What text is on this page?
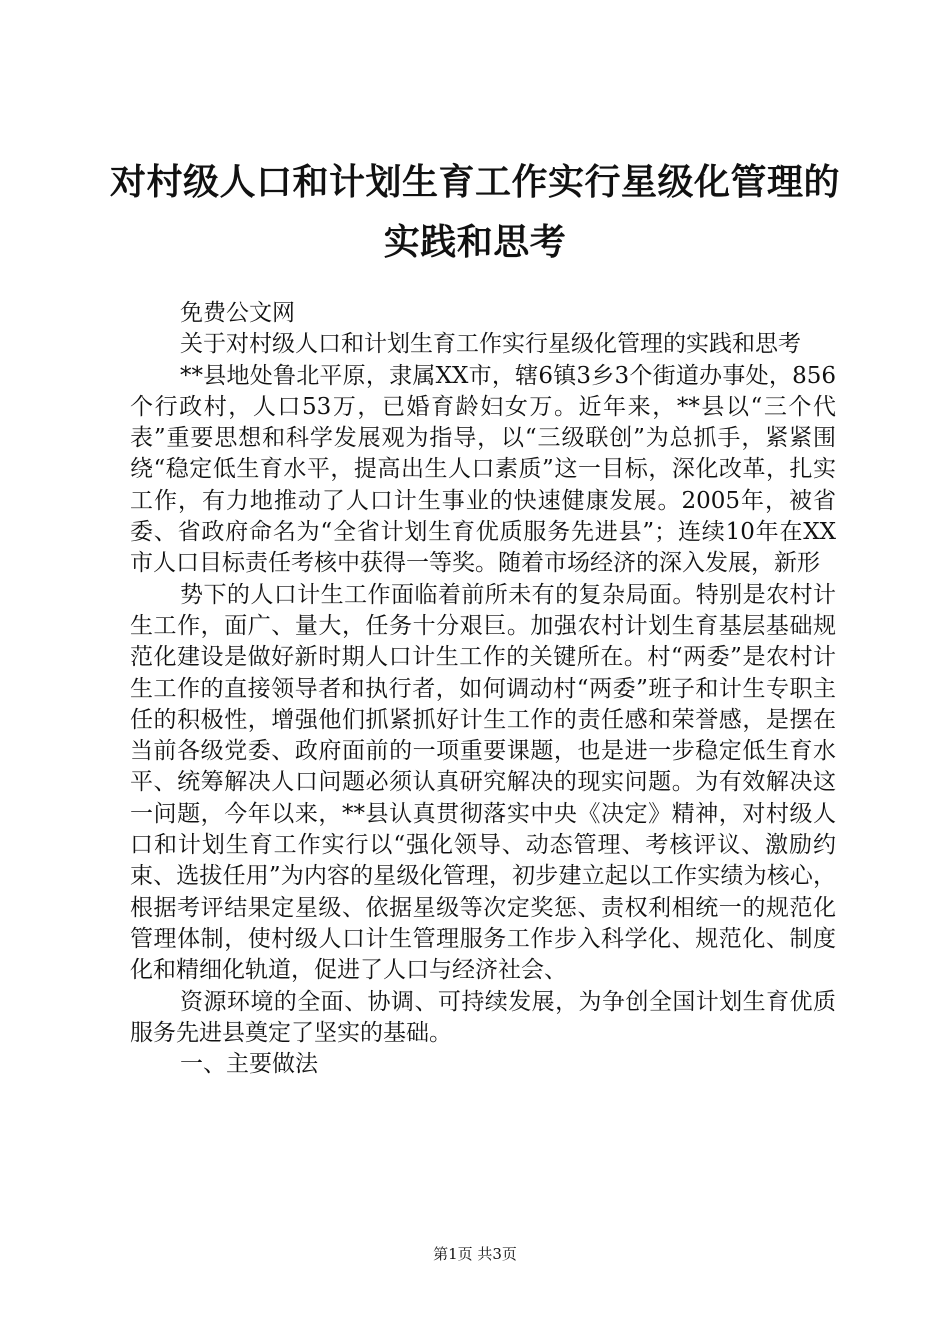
对村级人口和计划生育工作实行星级化管理的
实践和思考

免费公文网

关于对村级人口和计划生育工作实行星级化管理的实践和思考

**县地处鲁北平原，隶属XX市，辖6镇3乡3个街道办事处，856个行政村，人口53万，已婚育龄妇女万。近年来，**县以“三个代表”重要思想和科学发展观为指导，以“三级联创”为总抓手，紧紧围绕“稳定低生育水平，提高出生人口素质”这一目标，深化改革，扎实工作，有力地推动了人口计生事业的快速健康发展。2005年，被省委、省政府命名为“全省计划生育优质服务先进县”；连续10年在XX市人口目标责任考核中获得一等奖。随着市场经济的深入发展，新形

势下的人口计生工作面临着前所未有的复杂局面。特别是农村计生工作，面广、量大，任务十分艰巨。加强农村计划生育基层基础规范化建设是做好新时期人口计生工作的关键所在。村“两委”是农村计生工作的直接领导者和执行者，如何调动村“两委”班子和计生专职主任的积极性，增强他们抓紧抓好计生工作的责任感和荣誉感，是摆在当前各级党委、政府面前的一项重要课题，也是进一步稳定低生育水平、统筹解决人口问题必须认真研究解决的现实问题。为有效解决这一问题，今年以来，**县认真贯彻落实中央《决定》精神，对村级人口和计划生育工作实行以“强化领导、动态管理、考核评议、激励约束、选拔任用”为内容的星级化管理，初步建立起以工作实绩为核心，根据考评结果定星级、依据星级等次定奖惩、责权利相统一的规范化管理体制，使村级人口计生管理服务工作步入科学化、规范化、制度化和精细化轨道，促进了人口与经济社会、

资源环境的全面、协调、可持续发展，为争创全国计划生育优质服务先进县奠定了坚实的基础。

一、主要做法

第1页 共3页
